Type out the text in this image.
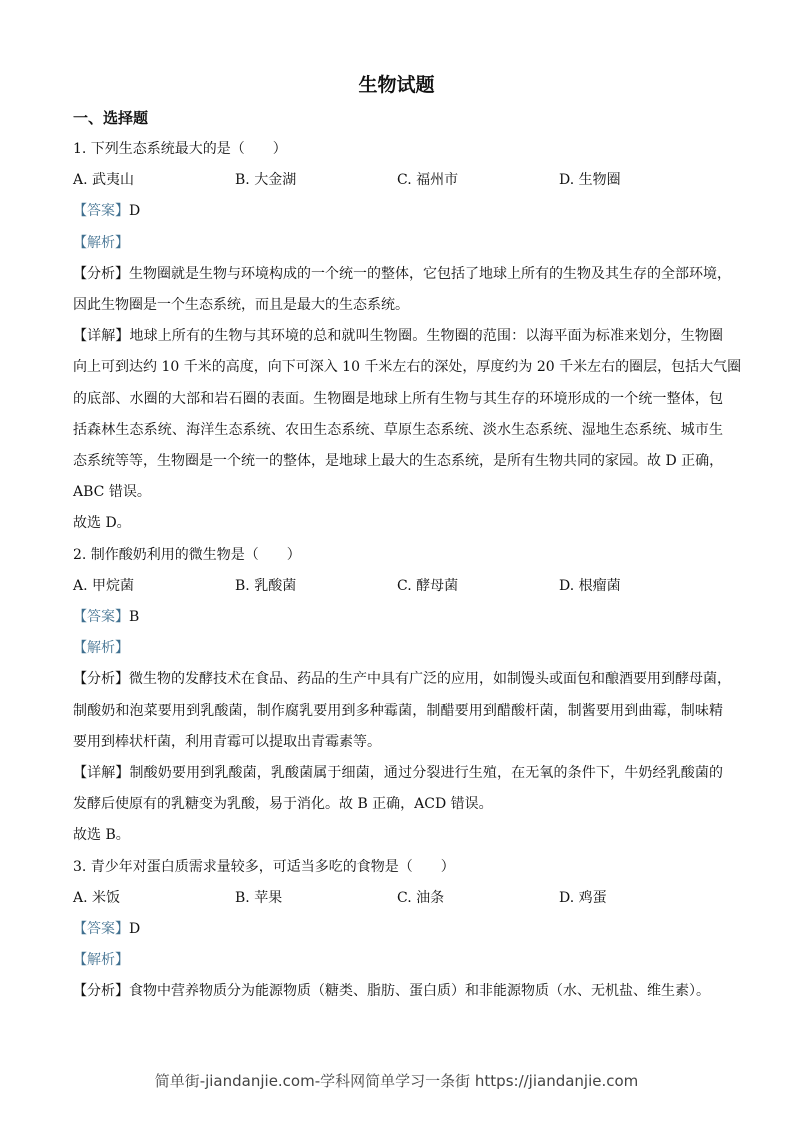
生物试题
一、选择题
1. 下列生态系统最大的是（　　）
A. 武夷山	B. 大金湖	C. 福州市	D. 生物圈
【答案】D
【解析】
【分析】生物圈就是生物与环境构成的一个统一的整体，它包括了地球上所有的生物及其生存的全部环境，
因此生物圈是一个生态系统，而且是最大的生态系统。
【详解】地球上所有的生物与其环境的总和就叫生物圈。生物圈的范围：以海平面为标准来划分，生物圈
向上可到达约 10 千米的高度，向下可深入 10 千米左右的深处，厚度约为 20 千米左右的圈层，包括大气圈
的底部、水圈的大部和岩石圈的表面。生物圈是地球上所有生物与其生存的环境形成的一个统一整体，包
括森林生态系统、海洋生态系统、农田生态系统、草原生态系统、淡水生态系统、湿地生态系统、城市生
态系统等等，生物圈是一个统一的整体，是地球上最大的生态系统，是所有生物共同的家园。故 D 正确，
ABC 错误。
故选 D。
2. 制作酸奶利用的微生物是（　　）
A. 甲烷菌	B. 乳酸菌	C. 酵母菌	D. 根瘤菌
【答案】B
【解析】
【分析】微生物的发酵技术在食品、药品的生产中具有广泛的应用，如制馒头或面包和酿酒要用到酵母菌，
制酸奶和泡菜要用到乳酸菌，制作腐乳要用到多种霉菌，制醋要用到醋酸杆菌，制酱要用到曲霉，制味精
要用到棒状杆菌，利用青霉可以提取出青霉素等。
【详解】制酸奶要用到乳酸菌，乳酸菌属于细菌，通过分裂进行生殖，在无氧的条件下，牛奶经乳酸菌的
发酵后使原有的乳糖变为乳酸，易于消化。故 B 正确，ACD 错误。
故选 B。
3. 青少年对蛋白质需求量较多，可适当多吃的食物是（　　）
A. 米饭	B. 苹果	C. 油条	D. 鸡蛋
【答案】D
【解析】
【分析】食物中营养物质分为能源物质（糖类、脂肪、蛋白质）和非能源物质（水、无机盐、维生素）。
简单街-jiandanjie.com-学科网简单学习一条街 https://jiandanjie.com
